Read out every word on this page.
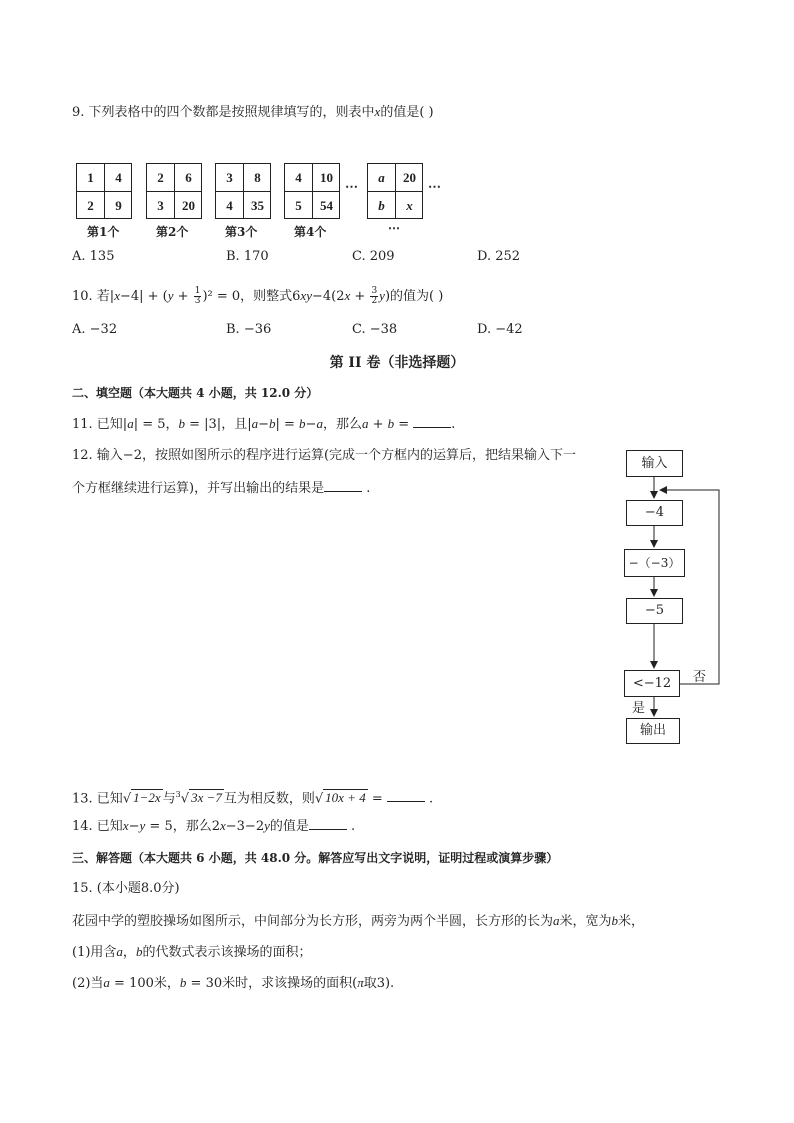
9. 下列表格中的四个数都是按照规律填写的，则表中x的值是( )
1	4
2	9
2	6
3	20
3	8
4	35
4	10
5	54
a	20
b	x
⋯	⋯
第1个	第2个	第3个	第4个	⋯
A. 135	B. 170	C. 209	D. 252
10. 若$|x-4| + (y + \frac{1}{3} )^2 = 0$，则整式$6xy-4(2x + \frac{3}{2} y)$的值为( )
A. −32	B. −36	C. −38	D. −42
第 II 卷（非选择题）
二、填空题（本大题共 4 小题，共 12.0 分）
11. 已知|a| = 5，b = |3|，且|a−b| = b−a，那么a + b =	.
12. 输入−2，按照如图所示的程序进行运算(完成一个方框内的运算后，把结果输入下一
个方框继续进行运算)，并写出输出的结果是	.
输入
−4
−（−3）
−5
<−12
输出
否
是
13. 已知√ 1−2x 与$^3$√ 3x −7 互为相反数，则√ 10x + 4 =	.
14. 已知x−y = 5，那么2x−3−2y的值是	.
三、解答题（本大题共 6 小题，共 48.0 分。解答应写出文字说明，证明过程或演算步骤）
15. (本小题8.0分)
花园中学的塑胶操场如图所示，中间部分为长方形，两旁为两个半圆，长方形的长为a米，宽为b米，
(1)用含a，b的代数式表示该操场的面积；
(2)当a = 100米，b = 30米时，求该操场的面积(π取3).
